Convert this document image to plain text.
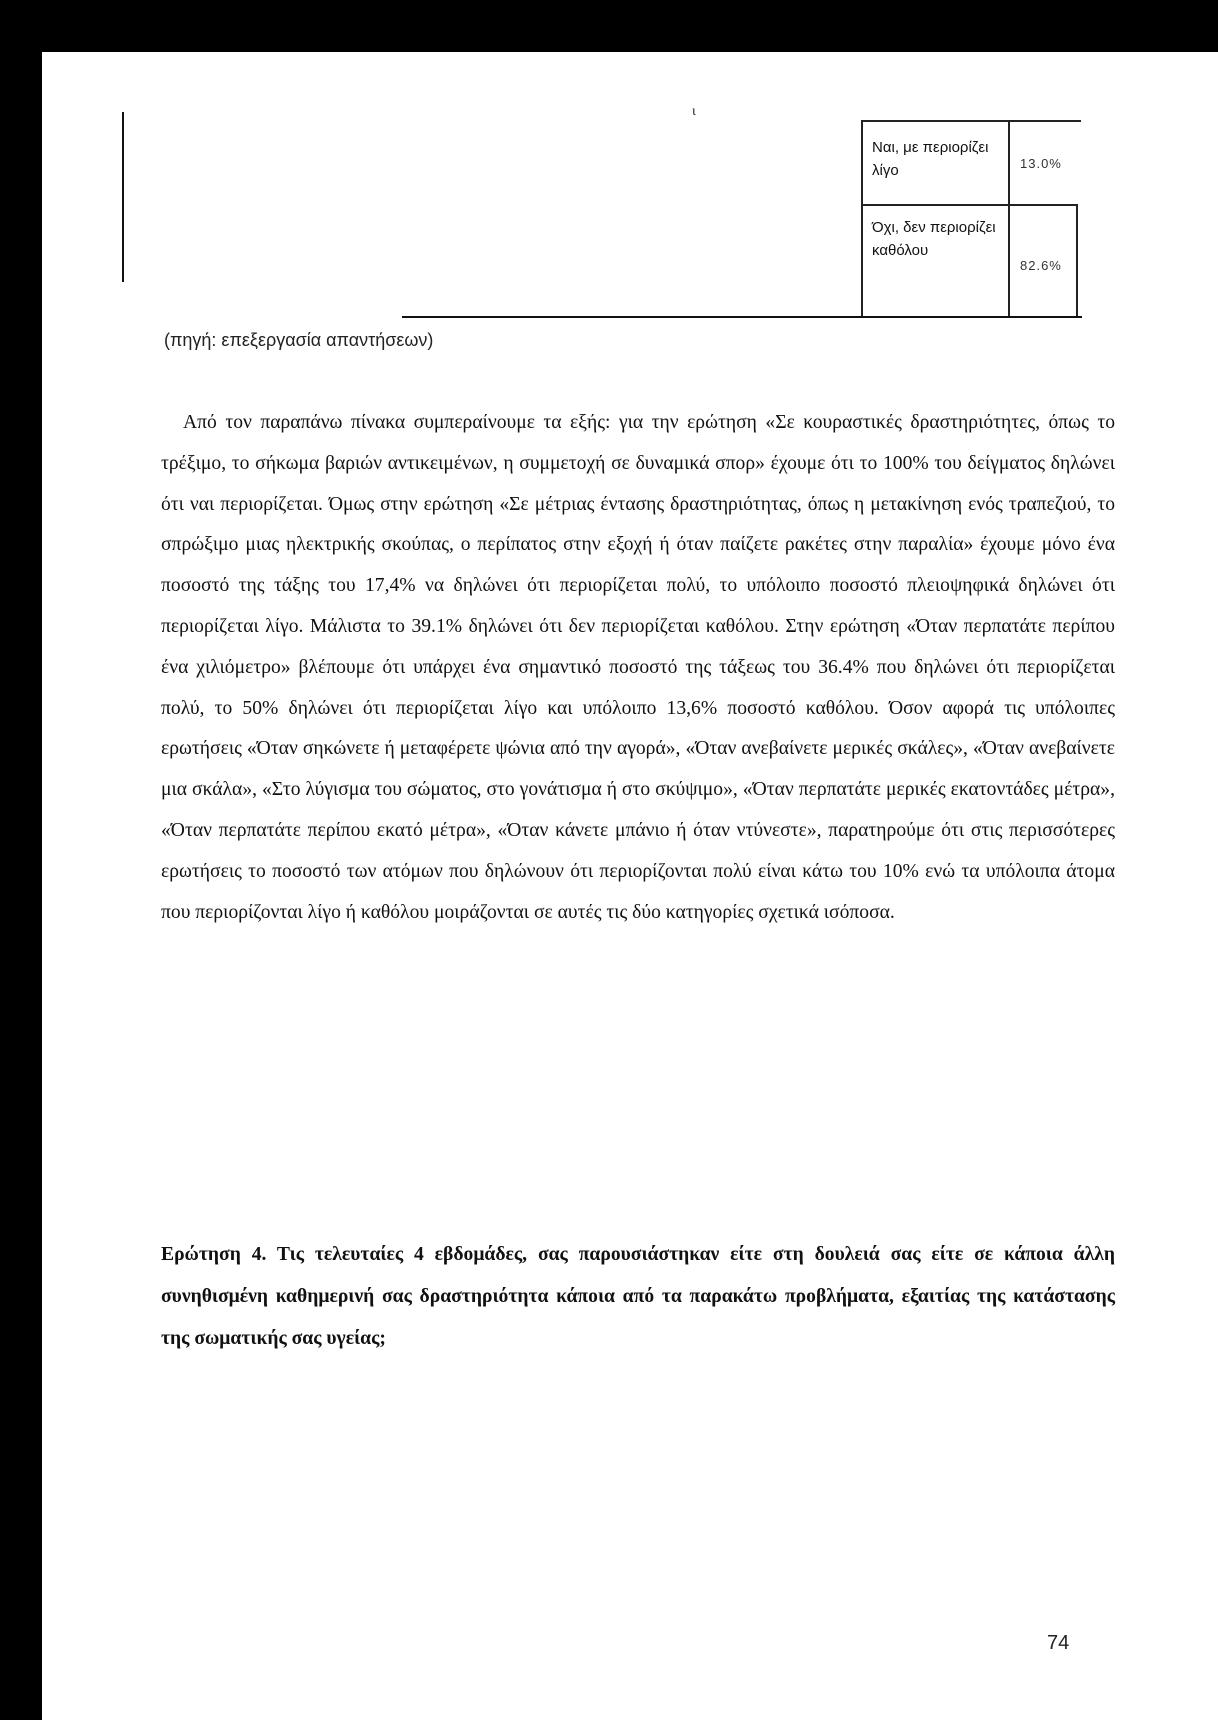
ι
Ναι, με περιορίζει λίγο	13.0%
Όχι, δεν περιορίζει καθόλου
82.6%
(πηγή: επεξεργασία απαντήσεων)

Από τον παραπάνω πίνακα συμπεραίνουμε τα εξής: για την ερώτηση «Σε κουραστικές δραστηριότητες, όπως το τρέξιμο, το σήκωμα βαριών αντικειμένων, η συμμετοχή σε δυναμικά σπορ» έχουμε ότι το 100% του δείγματος δηλώνει ότι ναι περιορίζεται. Όμως στην ερώτηση «Σε μέτριας έντασης δραστηριότητας, όπως η μετακίνηση ενός τραπεζιού, το σπρώξιμο μιας ηλεκτρικής σκούπας, ο περίπατος στην εξοχή ή όταν παίζετε ρακέτες στην παραλία» έχουμε μόνο ένα ποσοστό της τάξης του 17,4% να δηλώνει ότι περιορίζεται πολύ, το υπόλοιπο ποσοστό πλειοψηφικά δηλώνει ότι περιορίζεται λίγο. Μάλιστα το 39.1% δηλώνει ότι δεν περιορίζεται καθόλου. Στην ερώτηση «Όταν περπατάτε περίπου ένα χιλιόμετρο» βλέπουμε ότι υπάρχει ένα σημαντικό ποσοστό της τάξεως του 36.4% που δηλώνει ότι περιορίζεται πολύ, το 50% δηλώνει ότι περιορίζεται λίγο και υπόλοιπο 13,6% ποσοστό καθόλου. Όσον αφορά τις υπόλοιπες ερωτήσεις «Όταν σηκώνετε ή μεταφέρετε ψώνια από την αγορά», «Όταν ανεβαίνετε μερικές σκάλες», «Όταν ανεβαίνετε μια σκάλα», «Στο λύγισμα του σώματος, στο γονάτισμα ή στο σκύψιμο», «Όταν περπατάτε μερικές εκατοντάδες μέτρα», «Όταν περπατάτε περίπου εκατό μέτρα», «Όταν κάνετε μπάνιο ή όταν ντύνεστε», παρατηρούμε ότι στις περισσότερες ερωτήσεις το ποσοστό των ατόμων που δηλώνουν ότι περιορίζονται πολύ είναι κάτω του 10% ενώ τα υπόλοιπα άτομα που περιορίζονται λίγο ή καθόλου μοιράζονται σε αυτές τις δύο κατηγορίες σχετικά ισόποσα.

Ερώτηση 4. Τις τελευταίες 4 εβδομάδες, σας παρουσιάστηκαν είτε στη δουλειά σας είτε σε κάποια άλλη συνηθισμένη καθημερινή σας δραστηριότητα κάποια από τα παρακάτω προβλήματα, εξαιτίας της κατάστασης της σωματικής σας υγείας;

74
